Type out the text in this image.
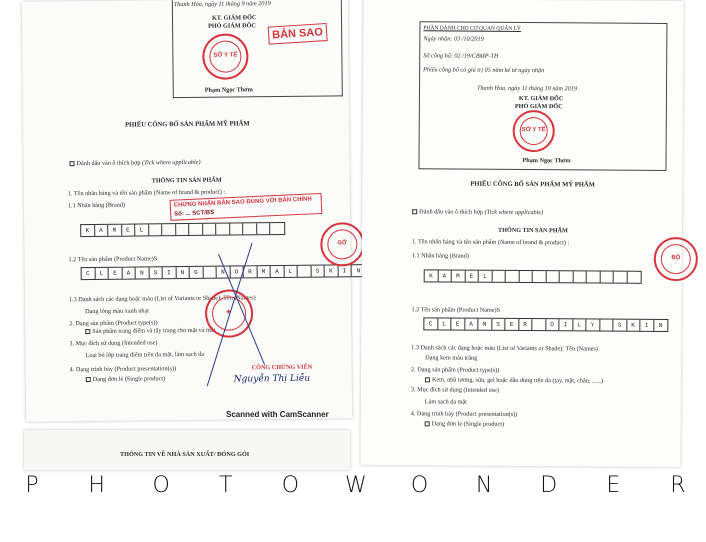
Thanh Hóa, ngày 11 tháng 9 năm 2019
BẢN SAO
KT. GIÁM ĐỐC
PHÓ GIÁM ĐỐC
SỞ Y TẾ
Phạm Ngọc Thơm
PHIẾU CÔNG BỐ SẢN PHẨM MỸ PHẨM
Đánh dấu vào ô thích hợp (Tick where applicable)
THÔNG TIN SẢN PHẨM
1. Tên nhãn hàng và tên sản phẩm (Name of brand & product) :
1.1 Nhãn hàng (Brand)
K	A	M	E	L
CHỨNG NHẬN BẢN SAO ĐÚNG VỚI BẢN CHÍNH
Số: ... SCT/BS
1.2 Tên sản phẩm (Product Name)S
C	L	E	A	N	S	I	N	G	N	O	R	M	A	L	S	K	I	N
1.3 Danh sách các dạng hoặc màu (List of Variants or Shade): Tên (Names)
Dạng lỏng màu xanh nhạt
2. Dạng sản phẩm (Product type(s))
Sản phẩm trang điểm và tẩy trang cho mặt và mắt
3. Mục đích sử dụng (Intended use)
Loại bỏ lớp trang điểm trên da mặt, làm sạch da
4. Dạng trình bày (Product presentation(s))
Dạng đơn lẻ (Single product)
★
CÔNG CHỨNG VIÊN
Nguyễn Thị Liễu
SỞ
Scanned with CamScanner
THÔNG TIN VỀ NHÀ SẢN XUẤT/ ĐÓNG GÓI
PHẦN DÀNH CHO CƠ QUAN QUẢN LÝ
Ngày nhận: 03 /10/2019
Số công bố: 02 /19/CBMP-TH
Phiếu công bố có giá trị 05 năm kể từ ngày nhận
Thanh Hóa, ngày 11 tháng 10 năm 2019
KT. GIÁM ĐỐC
PHÓ GIÁM ĐỐC
SỞ Y TẾ
Phạm Ngọc Thơm
PHIẾU CÔNG BỐ SẢN PHẨM MỸ PHẨM
Đánh dấu vào ô thích hợp (Tick where applicable)
THÔNG TIN SẢN PHẨM
1. Tên nhãn hàng và tên sản phẩm (Name of brand & product) :
1.1 Nhãn hàng (Brand)
K	A	M	E	L
1.2 Tên sản phẩm (Product Name)S
C	L	E	A	N	S	E	R	O	I	L	Y	S	K	I	N
1.3 Danh sách các dạng hoặc màu (List of Variants or Shade): Tên (Names)
Dạng kem màu trắng
2. Dạng sản phẩm (Product type(s))
Kem, nhũ tương, sữa, gel hoặc dầu dùng trên da (tay, mặt, chân, ......)
3. Mục đích sử dụng (Intended use)
Làm sạch da mặt
4. Dạng trình bày (Product presentation(s))
Dạng đơn lẻ (Single product)
BỘ
P H O T O W O N D E R
